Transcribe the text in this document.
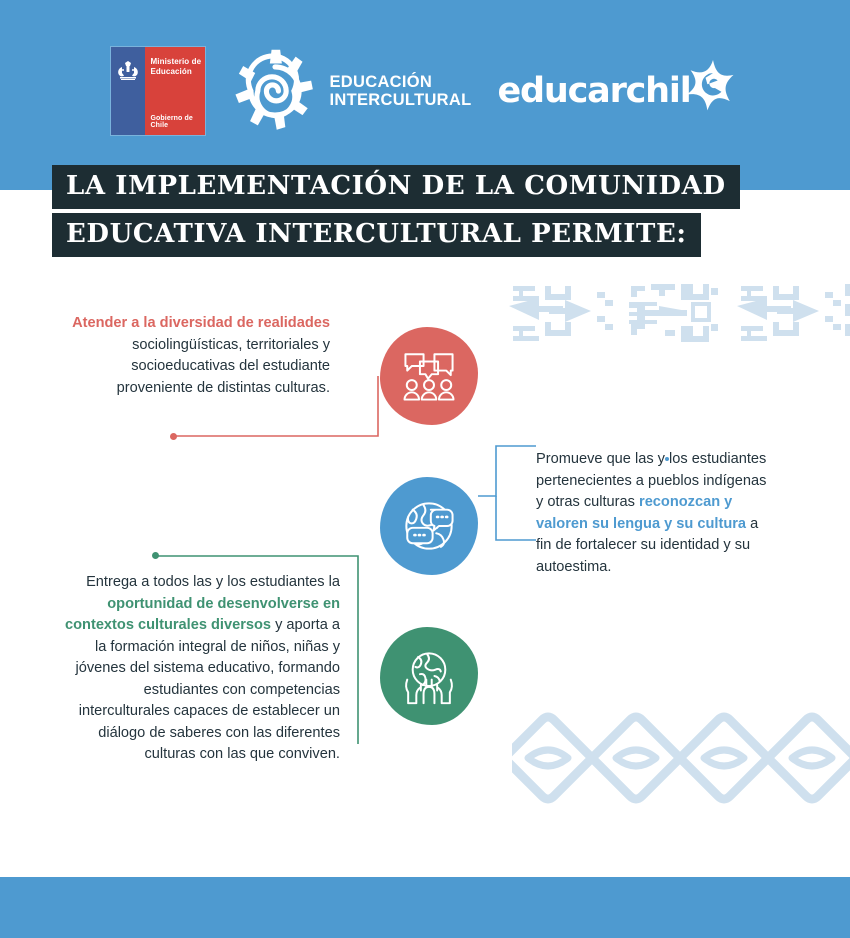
Ministerio de
Educación
Gobierno de Chile
EDUCACIÓN
INTERCULTURAL educarchil
LA IMPLEMENTACIÓN DE LA COMUNIDAD EDUCATIVA INTERCULTURAL PERMITE:
Atender a la diversidad de realidades sociolingüísticas, territoriales y socioeducativas del estudiante proveniente de distintas culturas.
Promueve que las y los estudiantes pertenecientes a pueblos indígenas y otras culturas reconozcan y valoren su lengua y su cultura a fin de fortalecer su identidad y su autoestima.
Entrega a todos las y los estudiantes la oportunidad de desenvolverse en contextos culturales diversos y aporta a la formación integral de niños, niñas y jóvenes del sistema educativo, formando estudiantes con competencias interculturales capaces de establecer un diálogo de saberes con las diferentes culturas con las que conviven.
